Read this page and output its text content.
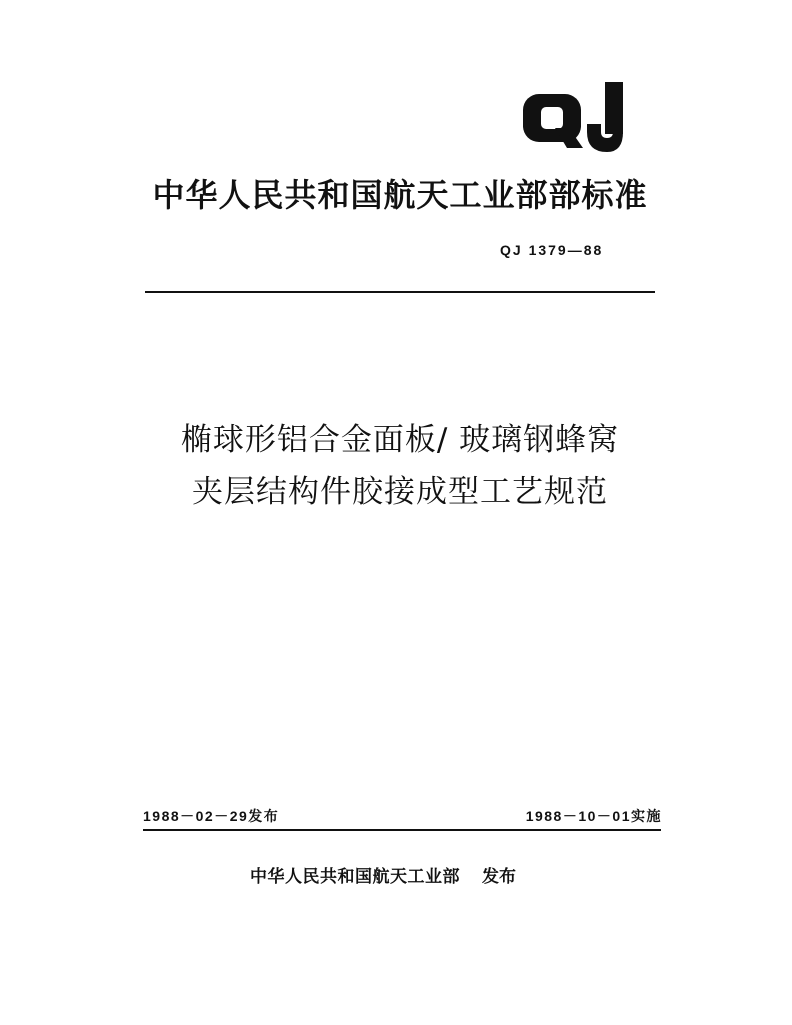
中华人民共和国航天工业部部标准
QJ 1379—88
椭球形铝合金面板/ 玻璃钢蜂窝
夹层结构件胶接成型工艺规范
1988－02－29发布	1988－10－01实施
中华人民共和国航天工业部 发布
